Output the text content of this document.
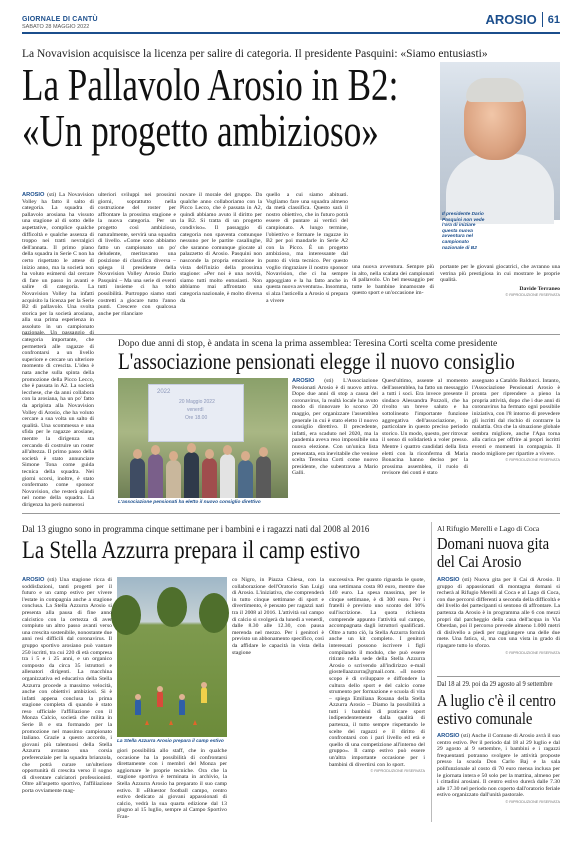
GIORNALE DI CANTÙ
SABATO 28 MAGGIO 2022	AROSIO 61
La Novavision acquisisce la licenza per salire di categoria. Il presidente Pasquini: «Siamo entusiasti»
La Pallavolo Arosio in B2:
«Un progetto ambizioso»
Il presidente Dario Pasquini non vede l'ora di iniziare questa nuova avventura nel campionato nazionale di B2
AROSIO (sti) La Novavision Volley ha fatto il salto di categoria. La squadra di pallavolo arosiana ha vissuto una stagione al di sotto delle aspettative, complice qualche difficoltà e qualche assenza di troppo nei tratti nevralgici dell'annata. Il primo piano della squadra in Serie C non ha certo rispettato le attese di inizio anno, ma la società non ha voluto esimersi dal cercare di fare un passo in avanti e salire di categoria. La Novavision Volley ha infatti acquisito la licenza per la Serie B2 di pallavolo. Una svolta storica per la società arosiana, alla sua prima esperienza in assoluto in un campionato categoria importante, che permetterà alle ragazze di confrontarsi a un livello superiore e cercare un ulteriore momento di crescita. L'idea è nata anche sulla spinta della promozione della Picco Lecco, che è passata in A2. La società lecchese, che da anni collabora con la arosiana, ha un po' fatto da apripista alla Novavision Volley di Arosio, che ha voluto cercare a sua volta un salto di qualità. Una scommessa e una sfida per le ragazze arosiane, mentre la dirigenza sta cercando di costruire un roster all'altezza. Il primo passo della società è stato annunciare Simone Tona come guida tecnica della squadra. Nei giorni scorsi, inoltre, è stato confermato come sponsor Novavision, che resterà quindi nel nome della squadra. La dirigenza ha però numerosi
ulteriori sviluppi nei prossimi giorni, soprattutto nella costruzione del roster per affrontare la prossima stagione e la nuova categoria. Per un progetto così ambizioso, naturalmente, servirà una squadra di livello. «Come sono abbiamo fatto un campionato un po' deludente, meritavamo una posizione di classifica diversa – spiega il presidente della Novavision Volley Arosio Dario Pasquini – Ma una serie di eventi tutti insieme ci ha tolto possibilità. Purtroppo siamo stati costretti a giocare tutto l'anno punti. Crescere con qualcosa anche per rilanciare
novare il morale del gruppo. Da qualche anno collaboriamo con la Picco Lecco, che è passata in A2, quindi abbiamo avuto il diritto per la B2. Si tratta di un progetto condiviso». Il passaggio di categoria non spaventa comunque nessuno per le partite casalinghe, che saranno comunque giocate al palazzetto di Arosio. Pasquini non nasconde la propria emozione in vista dell'inizio della prossima stagione: «Per noi è una novità, siamo tutti molto entusiasti. Non abbiamo mai affrontato una categoria nazionale, è molto diversa da
quello a cui siamo abituati. Vogliamo fare una squadra almeno da metà classifica. Questo sarà il nostro obiettivo, che in futuro potrà essere di puntare ai vertici del campionato. A lungo termine, l'obiettivo e formare le ragazze in B2 per poi mandarle in Serie A2 con la Picco. È un progetto ambizioso, ma interessante dal punto di vista tecnico. Per questo voglio ringraziare il nostro sponsor Novavision, che ci ha sempre appoggiato e la ha fatto anche in questa nuova avventura». Insomma, si alza l'asticella a Arosio si prepara a vivere
una nuova avventura. Sempre più in alto, nella scalata dei campionati di pallavolo. Un bel messaggio per tutte le bambine innamorate di questo sport e un'occasione im-
portante per le giovani giocatrici, che avranno una vetrina più prestigiosa in cui mostrare le proprie qualità.
Davide Terraneo
© RIPRODUZIONE RISERVATA
Dopo due anni di stop, è andata in scena la prima assemblea: Teresina Corti scelta come presidente
L'associazione pensionati elegge il nuovo consiglio
2022
20 Maggio 2022
venerdì
Ore 18.00
L'associazione pensionati ha eletto il nuovo consiglio direttivo
AROSIO (sti) L'Associazione Pensionati Arosio è di nuovo attiva. Dopo due anni di stop a causa del coronavirus, la realtà locale ha avuto modo di rinnovare lo scorso 20 maggio, per organizzare l'assemblea generale in cui è stato eletto il nuovo consiglio direttivo. Il precedente, infatti, era scaduto nel 2020, ma la pandemia aveva reso impossibile una nuova elezione. Con un'unica lista presentata, era inevitabile che venisse scelta Teresina Corti come nuovo presidente, che subentrava a Mario Galli.
Quest'ultimo, assente al momento dell'assemblea, ha fatto un messaggio a tutti i soci. Era invece presente il sindaco Alessandra Pozzoli, che ha rivolto un breve saluto e ha sottolineato l'importante funzione aggregativa dell'associazione, in particolare in questo preciso periodo storico. Un modo, questo, per ritrovar il senso di solidarietà a voler presso. Mentre i quattro candidati della lista eletti con la riconferma di Maria Bonacina hanno deciso per la prossima assemblea, il ruolo di revisore dei conti è stato
assegnato a Cataldo Balducci. Intanto, l'Associazione Pensionati Arosio è pronta per riprendere a pieno la propria attività, dopo che i due anni di coronavirus ha fermato ogni possibile iniziativa, con l'8 intorno di prevedere gli iscritti dal rischio di contrarre la malattia. Ora che la situazione globale sembra migliore, anche l'Apa torna alla carica per offrire ai propri iscritti eventi e momenti in compagnia. Il modo migliore per ripartire a vivere.
© RIPRODUZIONE RISERVATA
Dal 13 giugno sono in programma cinque settimane per i bambini e i ragazzi nati dal 2008 al 2016
La Stella Azzurra prepara il camp estivo
La Stella Azzurra Arosio prepara il camp estivo
AROSIO (sti) Una stagione ricca di soddisfazioni, tanti progetti per il futuro e un camp estivo per vivere l'estate in compagnia anche a stagione conclusa. La Stella Azzurra Arosio si presenta alla pausa di fine anno calcistico con la certezza di aver compiuto un altro passo avanti verso una crescita sostenibile, nonostante due anni resi difficili dal coronavirus. Il gruppo sportivo arosiano può vantare 250 iscritti, tra cui 220 di età compresa tra i 5 e i 25 anni, e un organico composto da circa 35 istruttori e allenatori dirigenti. La macchina organizzativa ed educativa della Stella Azzurra procede a massimo velocità, anche con obiettivi ambiziosi. Si è infatti appena conclusa la prima stagione completa di quando è stato reso ufficiale l'affiliazione con il Monza Calcio, società che milita in Serie B e sta formando per la promozione nel massimo campionato italiano. Grazie a questo accordo, i giovani più talentuosi della Stella Azzurra avranno una corsia preferenziale per la squadra brianzola, che potrà curare un'ulteriore opportunità di crescita verso il sogno di diventare calciatori professionisti. Oltre all'aspetto sportivo, l'affiliazione porta ovviamente mag-
giori possibilità allo staff, che in qualche occasione ha la possibilità di confrontarsi direttamente con i membri del Monza per aggiornare le proprie tecniche. Ora che la stagione sportiva è terminata in archivio, la Stella Azzurra Arosio ha preparato il suo camp estivo. Il «Bluestor football campo, centro estivo dedicato ai giovani appassionati di calcio, vedrà la sua quarta edizione dal 13 giugno al 15 luglio, sempre al Campo Sportivo Fran-
co Nigro, in Piazza Chiesa, con la collaborazione dell'Oratorio San Luigi di Arosio. L'iniziativa, che comprenderà in tutto cinque settimane di sport e divertimento, è pensato per ragazzi nati tra il 2008 al 2016. L'attività sul campo di calcio si svolgerà da lunedì a venerdì, dalle 8.30 alle 12.30, con pausa merenda nel mezzo. Per i genitori è previsto un abbonamento specifico, così da affidare le capacità in vista della stagione
successiva. Per quanto riguarda le quote, una settimana costa 80 euro, mentre due 140 euro. La spesa massima, per le cinque settimane, è di 300 euro. Per i fratelli è previsto uno sconto del 10% sull'iscrizione. La quota richiesta comprende appunto l'attività sul campo, accompagnata dagli istruttori qualificati. Oltre a tutto ciò, la Stella Azzurra fornirà anche un kit completo. I genitori interessati possono iscrivere i figli compilando il modulo, che può essere ritirato nella sede della Stella Azzurra Arosio o scrivendo all'indirizzo e-mail giostellaazzurra@gmail.com. «Il nostro scopo è di sviluppare e diffondere la cultura dello sport e del calcio come strumento per formazione e scuola di vita – spiega Emiliana Rosana della Stella Azzurra Arosio – Diamo la possibilità a tutti i bambini di praticare sport indipendentemente dalla qualità di partenza, il tutto sempre rispettando le scelte dei ragazzi e il diritto di confrontarsi con i pari livello ed età e quello di una competizione all'interno del gruppo». Il camp estivo può essere un'altra importante occasione per i bambini di divertirsi con lo sport.
© RIPRODUZIONE RISERVATA
Al Rifugio Merelli e Lago di Coca
Domani nuova gita
del Cai Arosio
AROSIO (sti) Nuova gita per il Cai di Arosio. Il gruppo di appassionati di montagna domani si recherà al Rifugio Merelli al Coca e al Lago di Coca, con due percorsi differenti a seconda della difficoltà e del livello dei partecipanti si sentono di affrontare. La partenza da Arosio è in programma alle 6 con mezzi propri dal parcheggio della casa dell'acqua in Via Oberdan, poi il percorso prevede almeno 1.000 metri di dislivello a piedi per raggiungere una delle due mete. Una fatica, sì, ma con una vista in grado di ripagare tutto lo sforzo.
© RIPRODUZIONE RISERVATA
Dal 18 al 29. poi da 29 agosto al 9 settembre
A luglio c'è il centro
estivo comunale
AROSIO (sti) Anche il Comune di Arosio avrà il suo centro estivo. Per il periodo dal 18 al 29 luglio e dal 29 agosto al 9 settembre, i bambini e i ragazzi frequentanti potranno svolgere le attività proposte presso la scuola Don Carlo Baj e la sala polifunzionale al costo di 70 euro mensa inclusa per le giornata intera e 50 solo per la mattina, almeno per i cittadini arosiani. Il centro estivo durerà dalle 7.30 alle 17.30 nel periodo non coperto dall'oratorio feriale estivo organizzato dall'unità pastorale.
© RIPRODUZIONE RISERVATA
